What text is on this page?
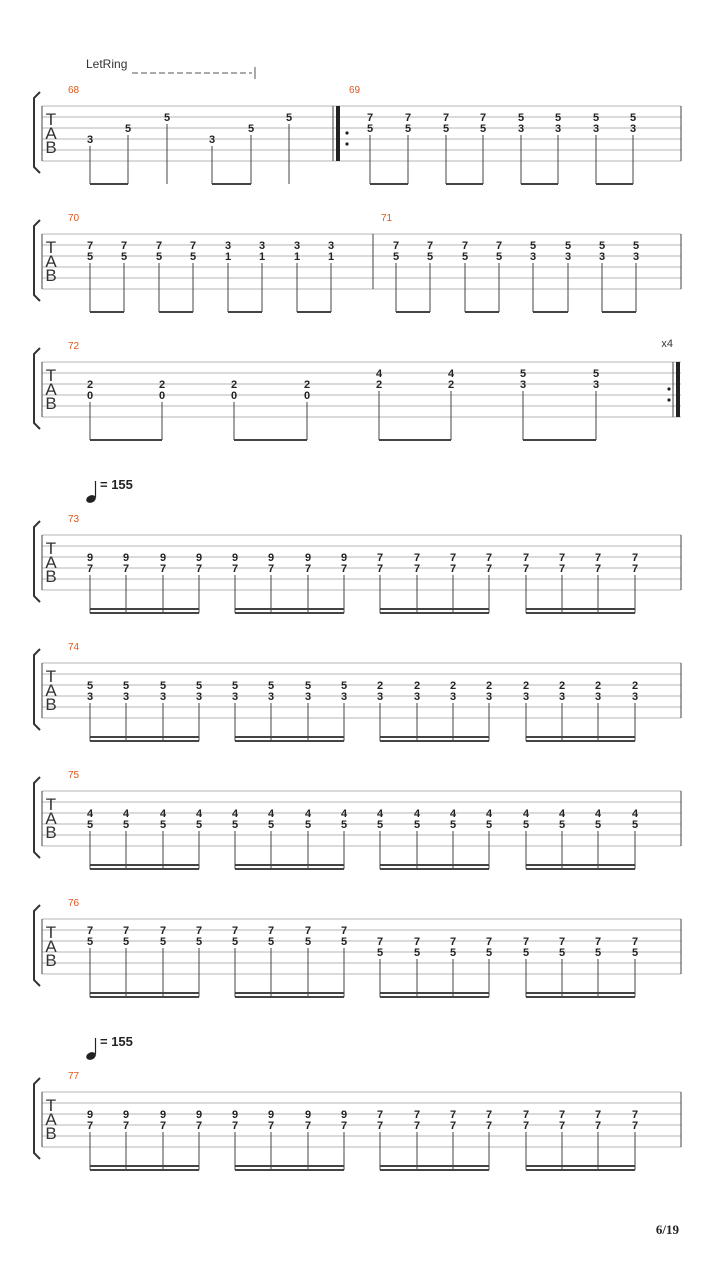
LetRing
T
A
B
68
3
5
5
3
5
5
69
7
5
7
5
7
5
7
5
5
3
5
3
5
3
5
3
T
A
B
70
7
5
7
5
7
5
7
5
3
1
3
1
3
1
3
1
71
7
5
7
5
7
5
7
5
5
3
5
3
5
3
5
3
T
A
B
x4
72
2
0
2
0
2
0
2
0
4
2
4
2
5
3
5
3
= 155
T
A
B
73
9
7
9
7
9
7
9
7
9
7
9
7
9
7
9
7
7
7
7
7
7
7
7
7
7
7
7
7
7
7
7
7
T
A
B
74
5
3
5
3
5
3
5
3
5
3
5
3
5
3
5
3
2
3
2
3
2
3
2
3
2
3
2
3
2
3
2
3
T
A
B
75
4
5
4
5
4
5
4
5
4
5
4
5
4
5
4
5
4
5
4
5
4
5
4
5
4
5
4
5
4
5
4
5
T
A
B
76
7
5
7
5
7
5
7
5
7
5
7
5
7
5
7
5	7
5
7
5
7
5
7
5
7
5
7
5
7
5
7
5
= 155
T
A
B
77
9
7
9
7
9
7
9
7
9
7
9
7
9
7
9
7
7
7
7
7
7
7
7
7
7
7
7
7
7
7
7
7
6/19
